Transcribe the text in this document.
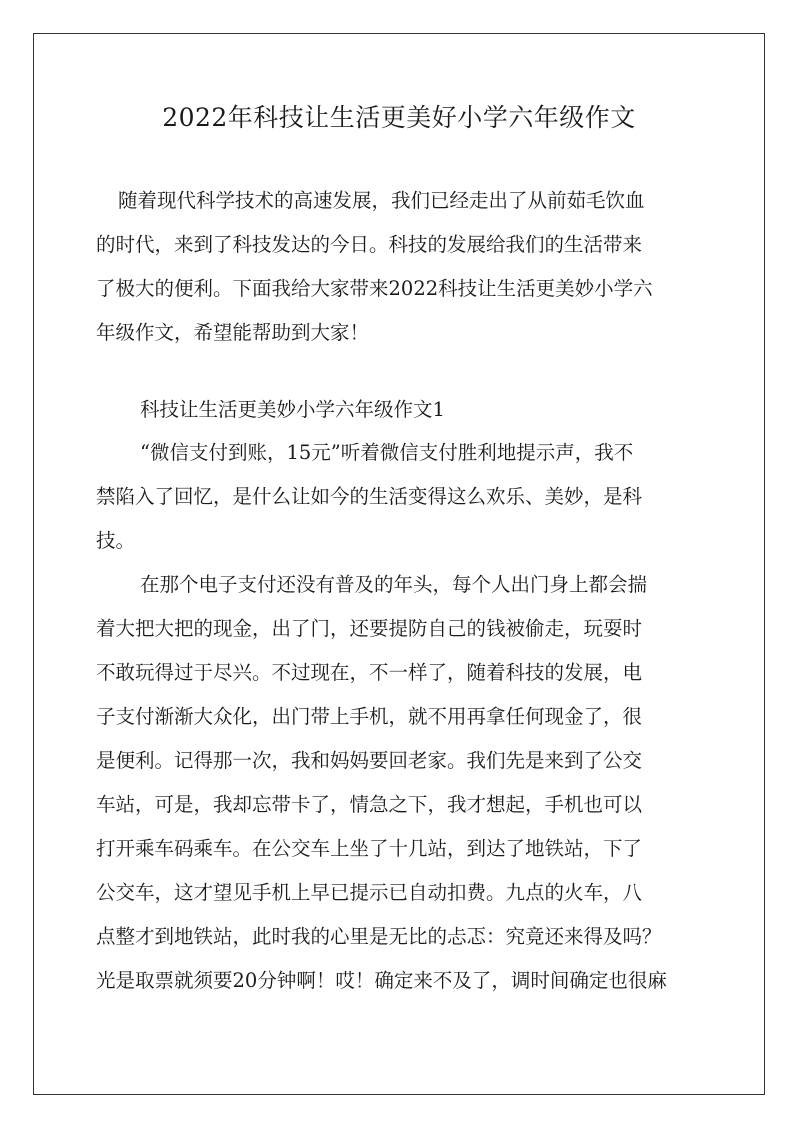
2022年科技让生活更美好小学六年级作文
随着现代科学技术的高速发展，我们已经走出了从前茹毛饮血
的时代，来到了科技发达的今日。科技的发展给我们的生活带来
了极大的便利。下面我给大家带来2022科技让生活更美妙小学六
年级作文，希望能帮助到大家！
科技让生活更美妙小学六年级作文1
“微信支付到账，15元”听着微信支付胜利地提示声，我不
禁陷入了回忆，是什么让如今的生活变得这么欢乐、美妙，是科
技。
在那个电子支付还没有普及的年头，每个人出门身上都会揣
着大把大把的现金，出了门，还要提防自己的钱被偷走，玩耍时
不敢玩得过于尽兴。不过现在，不一样了，随着科技的发展，电
子支付渐渐大众化，出门带上手机，就不用再拿任何现金了，很
是便利。记得那一次，我和妈妈要回老家。我们先是来到了公交
车站，可是，我却忘带卡了，情急之下，我才想起，手机也可以
打开乘车码乘车。在公交车上坐了十几站，到达了地铁站，下了
公交车，这才望见手机上早已提示已自动扣费。九点的火车，八
点整才到地铁站，此时我的心里是无比的忐忑：究竟还来得及吗？
光是取票就须要20分钟啊！哎！确定来不及了，调时间确定也很麻
